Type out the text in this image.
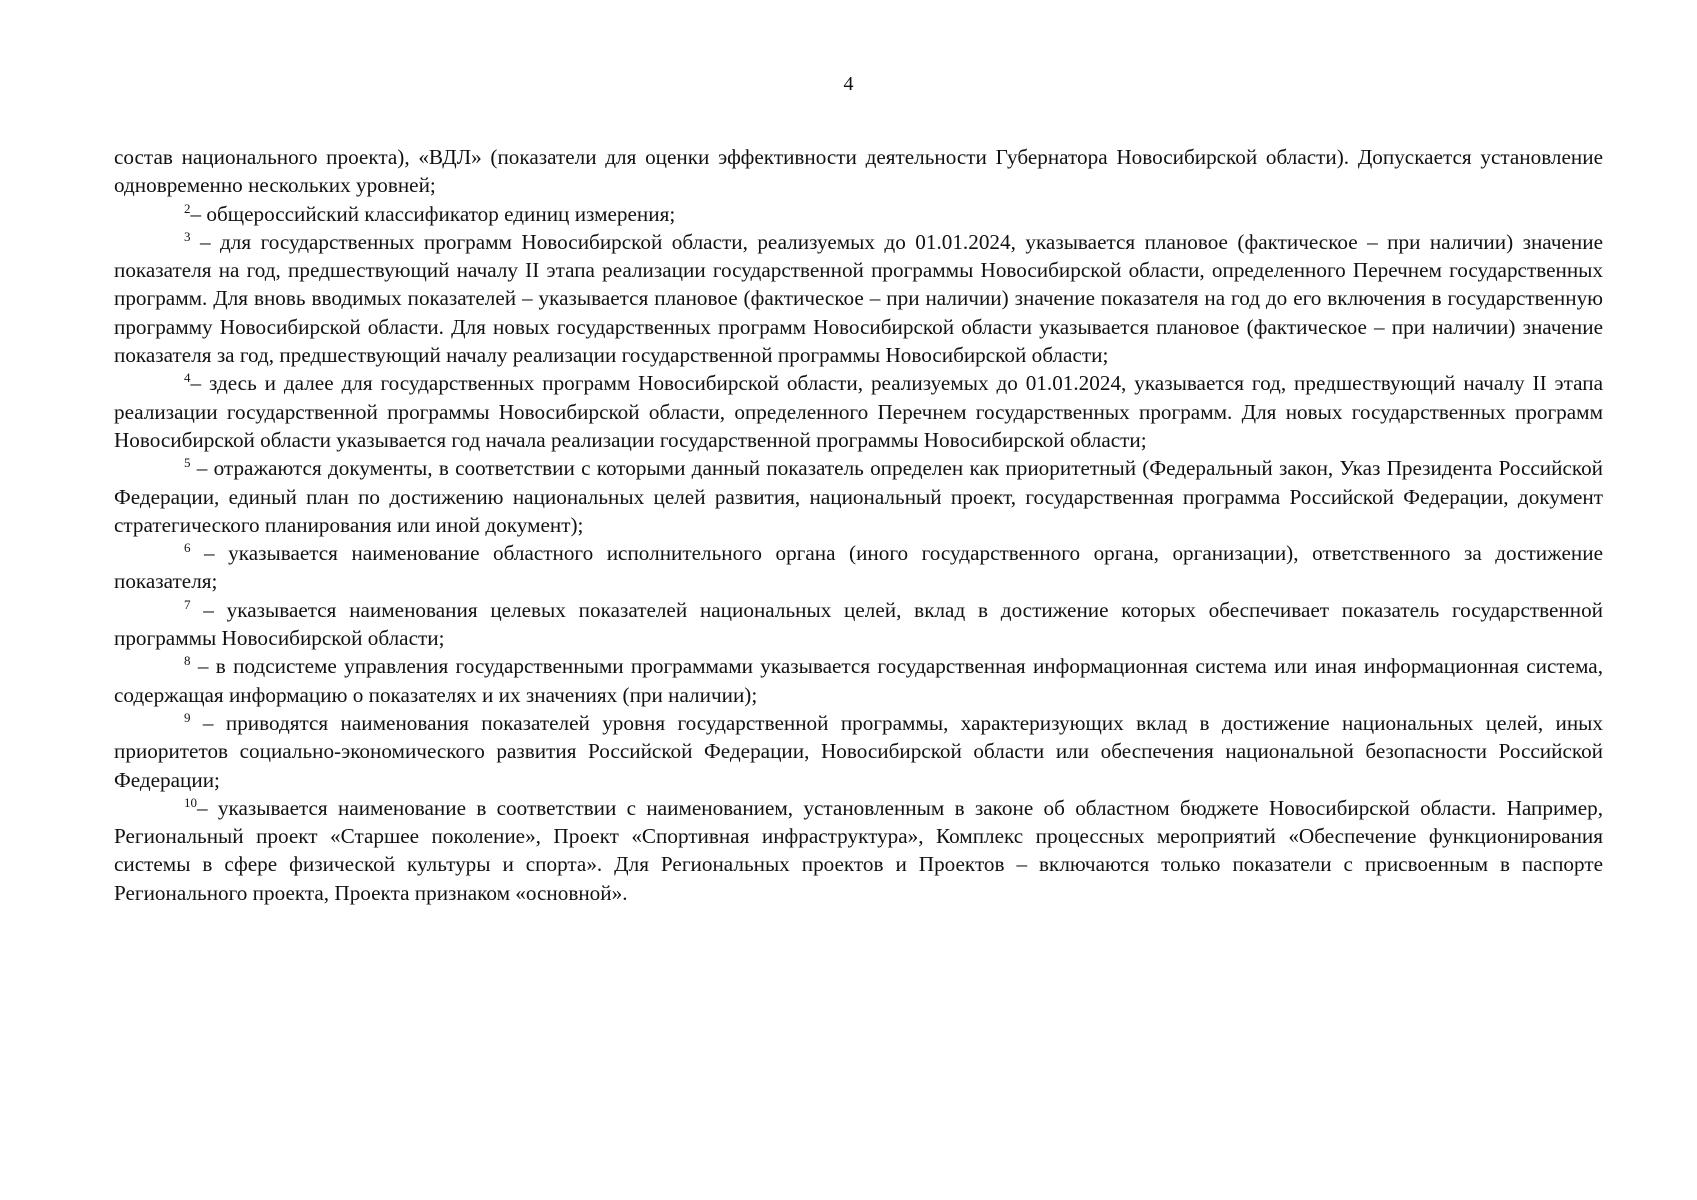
4

состав национального проекта), «ВДЛ» (показатели для оценки эффективности деятельности Губернатора Новосибирской области). Допускается установление одновременно нескольких уровней;

$^2$– общероссийский классификатор единиц измерения;

$^3$ – для государственных программ Новосибирской области, реализуемых до 01.01.2024, указывается плановое (фактическое – при наличии) значение показателя на год, предшествующий началу II этапа реализации государственной программы Новосибирской области, определенного Перечнем государственных программ. Для вновь вводимых показателей – указывается плановое (фактическое – при наличии) значение показателя на год до его включения в государственную программу Новосибирской области. Для новых государственных программ Новосибирской области указывается плановое (фактическое – при наличии) значение показателя за год, предшествующий началу реализации государственной программы Новосибирской области;

$^4$– здесь и далее для государственных программ Новосибирской области, реализуемых до 01.01.2024, указывается год, предшествующий началу II этапа реализации государственной программы Новосибирской области, определенного Перечнем государственных программ. Для новых государственных программ Новосибирской области указывается год начала реализации государственной программы Новосибирской области;

$^5$ – отражаются документы, в соответствии с которыми данный показатель определен как приоритетный (Федеральный закон, Указ Президента Российской Федерации, единый план по достижению национальных целей развития, национальный проект, государственная программа Российской Федерации, документ стратегического планирования или иной документ);

$^6$ – указывается наименование областного исполнительного органа (иного государственного органа, организации), ответственного за достижение показателя;

$^7$ – указывается наименования целевых показателей национальных целей, вклад в достижение которых обеспечивает показатель государственной программы Новосибирской области;

$^8$ – в подсистеме управления государственными программами указывается государственная информационная система или иная информационная система, содержащая информацию о показателях и их значениях (при наличии);

$^9$ – приводятся наименования показателей уровня государственной программы, характеризующих вклад в достижение национальных целей, иных приоритетов социально-экономического развития Российской Федерации, Новосибирской области или обеспечения национальной безопасности Российской Федерации;

$^{10}$– указывается наименование в соответствии с наименованием, установленным в законе об областном бюджете Новосибирской области. Например, Региональный проект «Старшее поколение», Проект «Спортивная инфраструктура», Комплекс процессных мероприятий «Обеспечение функционирования системы в сфере физической культуры и спорта». Для Региональных проектов и Проектов – включаются только показатели с присвоенным в паспорте Регионального проекта, Проекта признаком «основной».
